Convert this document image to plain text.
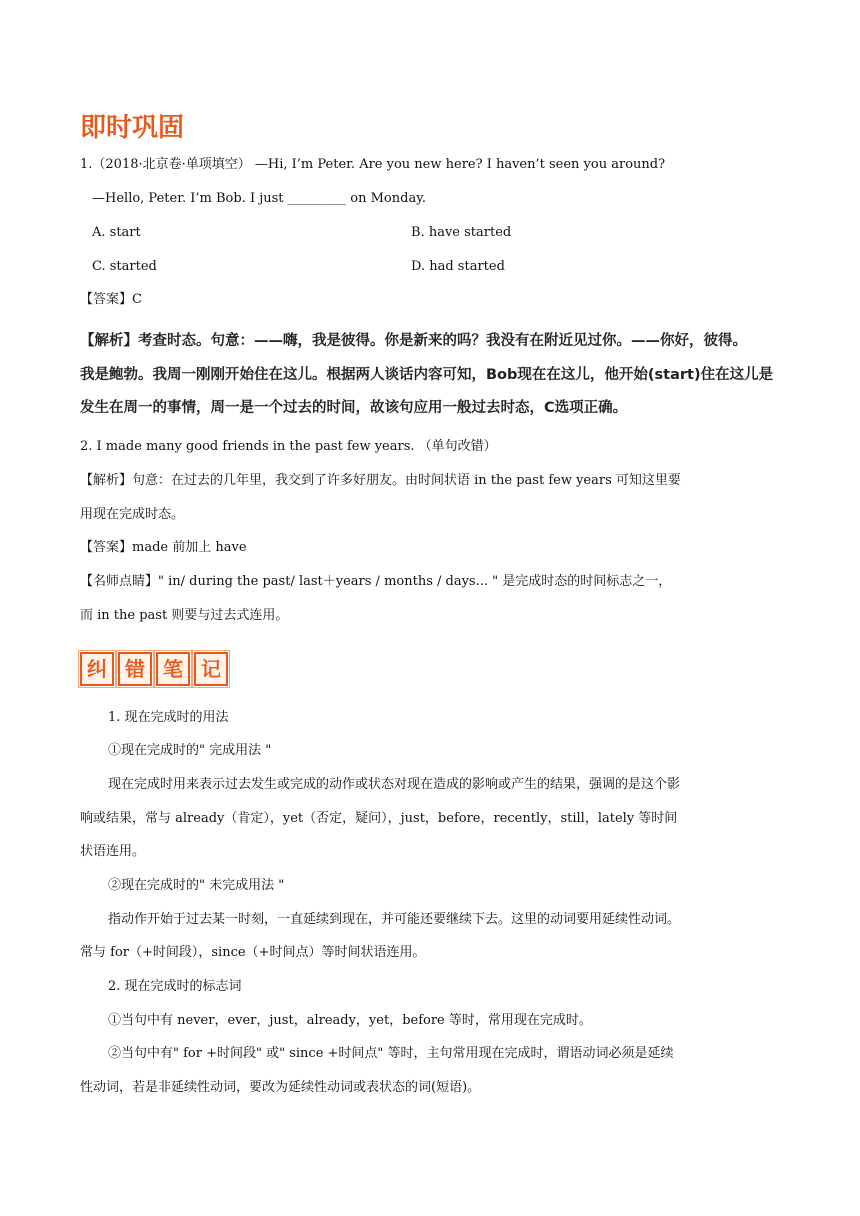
即时巩固
1.（2018·北京卷·单项填空） —Hi, I’m Peter. Are you new here? I haven’t seen you around?
—Hello, Peter. I’m Bob. I just _________ on Monday.
A. start	B. have started
C. started	D. had started
【答案】C
【解析】考查时态。句意：——嗨，我是彼得。你是新来的吗？我没有在附近见过你。——你好，彼得。
我是鲍勃。我周一刚刚开始住在这儿。根据两人谈话内容可知，Bob现在在这儿，他开始(start)住在这儿是
发生在周一的事情，周一是一个过去的时间，故该句应用一般过去时态，C选项正确。
2. I made many good friends in the past few years. （单句改错）
【解析】句意：在过去的几年里，我交到了许多好朋友。由时间状语 in the past few years 可知这里要
用现在完成时态。
【答案】made 前加上 have
【名师点睛】" in/ during the past/ last＋years / months / days... " 是完成时态的时间标志之一，
而 in the past 则要与过去式连用。
纠 错 笔 记
1. 现在完成时的用法
①现在完成时的" 完成用法 "
现在完成时用来表示过去发生或完成的动作或状态对现在造成的影响或产生的结果，强调的是这个影
响或结果，常与 already（肯定），yet（否定，疑问），just，before，recently，still，lately 等时间
状语连用。
②现在完成时的" 未完成用法 "
指动作开始于过去某一时刻，一直延续到现在，并可能还要继续下去。这里的动词要用延续性动词。
常与 for（+时间段），since（+时间点）等时间状语连用。
2. 现在完成时的标志词
①当句中有 never，ever，just，already，yet，before 等时，常用现在完成时。
②当句中有" for +时间段" 或" since +时间点" 等时，主句常用现在完成时，谓语动词必须是延续
性动词，若是非延续性动词，要改为延续性动词或表状态的词(短语)。
